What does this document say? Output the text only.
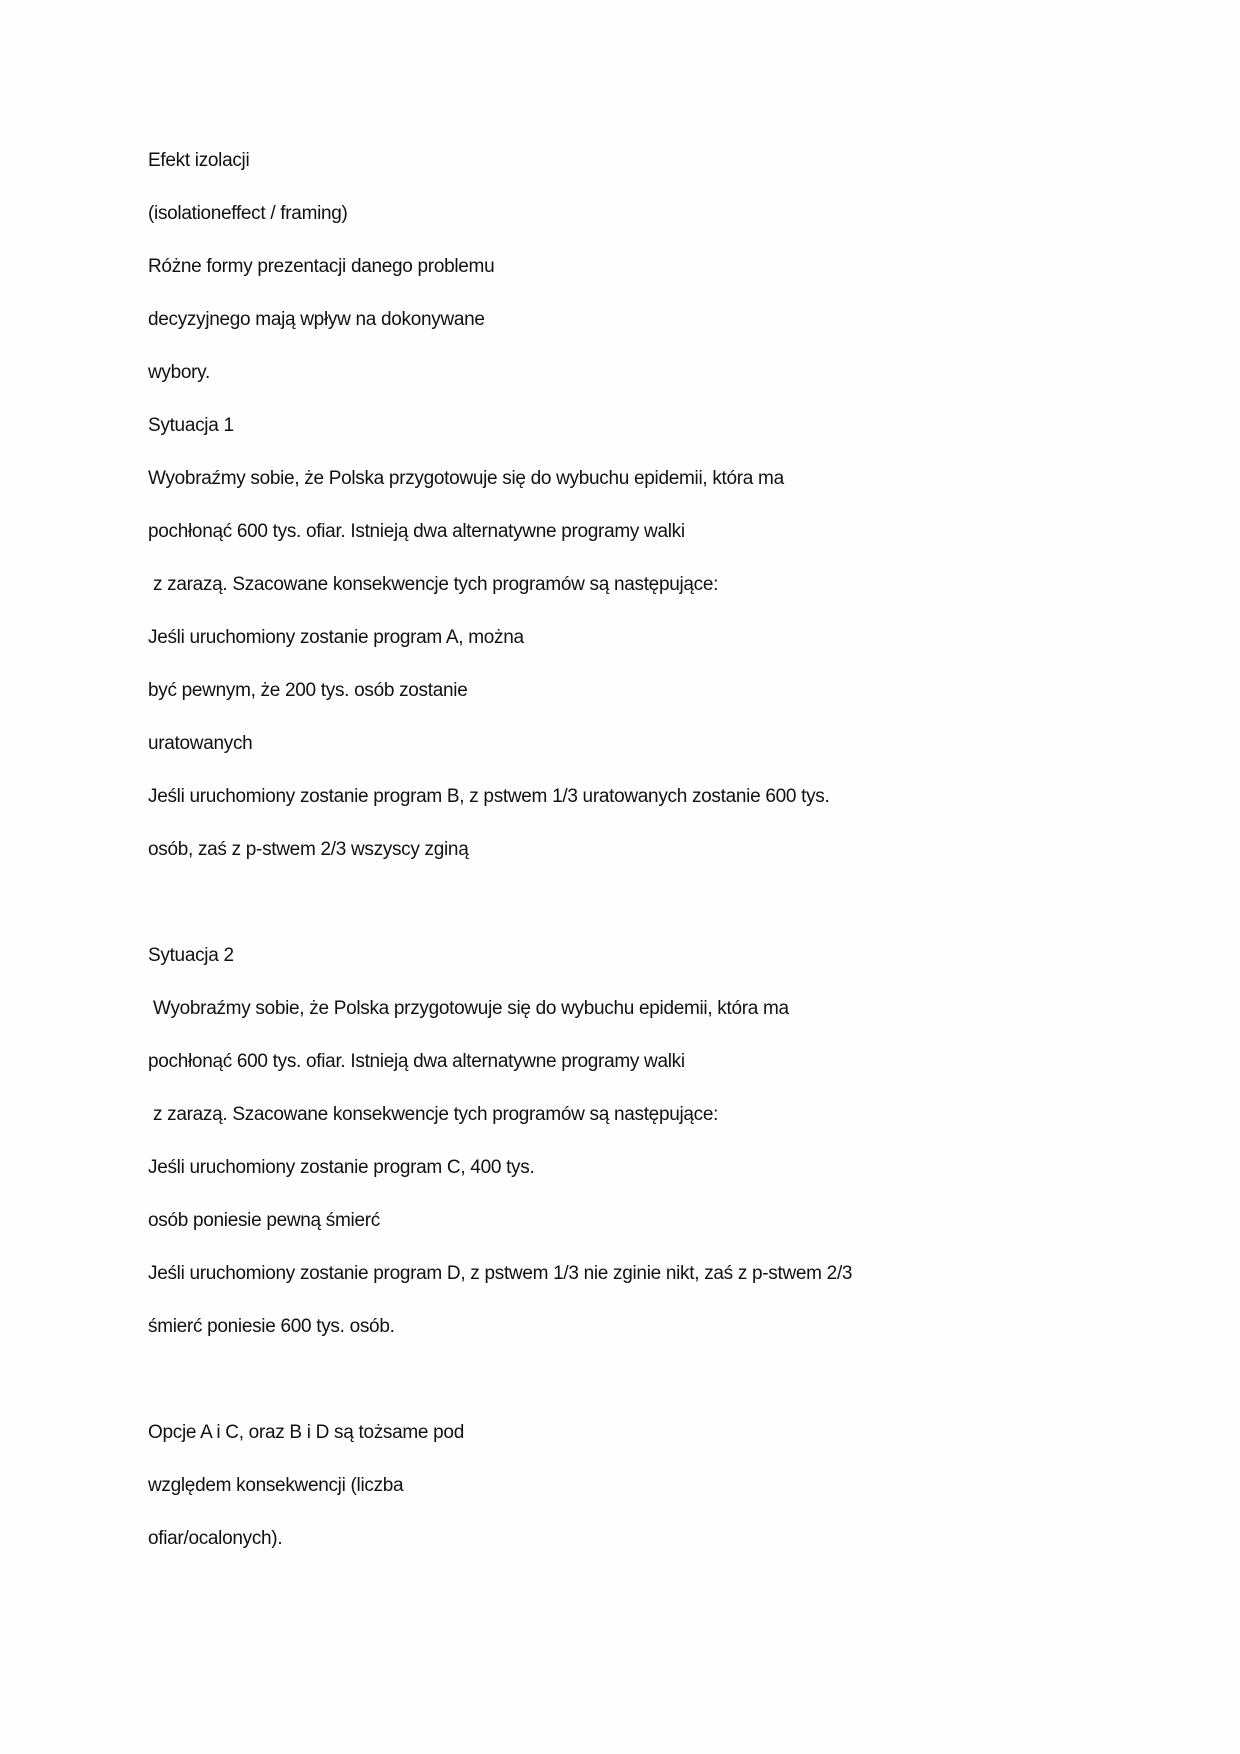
Efekt izolacji
(isolationeffect / framing)
Różne formy prezentacji danego problemu
decyzyjnego mają wpływ na dokonywane
wybory.
Sytuacja 1
Wyobraźmy sobie, że Polska przygotowuje się do wybuchu epidemii, która ma
pochłonąć 600 tys. ofiar. Istnieją dwa alternatywne programy walki
z zarazą. Szacowane konsekwencje tych programów są następujące:
Jeśli uruchomiony zostanie program A, można
być pewnym, że 200 tys. osób zostanie
uratowanych
Jeśli uruchomiony zostanie program B, z pstwem 1/3 uratowanych zostanie 600 tys.
osób, zaś z p-stwem 2/3 wszyscy zginą
Sytuacja 2
Wyobraźmy sobie, że Polska przygotowuje się do wybuchu epidemii, która ma
pochłonąć 600 tys. ofiar. Istnieją dwa alternatywne programy walki
z zarazą. Szacowane konsekwencje tych programów są następujące:
Jeśli uruchomiony zostanie program C, 400 tys.
osób poniesie pewną śmierć
Jeśli uruchomiony zostanie program D, z pstwem 1/3 nie zginie nikt, zaś z p-stwem 2/3
śmierć poniesie 600 tys. osób.
Opcje A i C, oraz B i D są tożsame pod
względem konsekwencji (liczba
ofiar/ocalonych).
